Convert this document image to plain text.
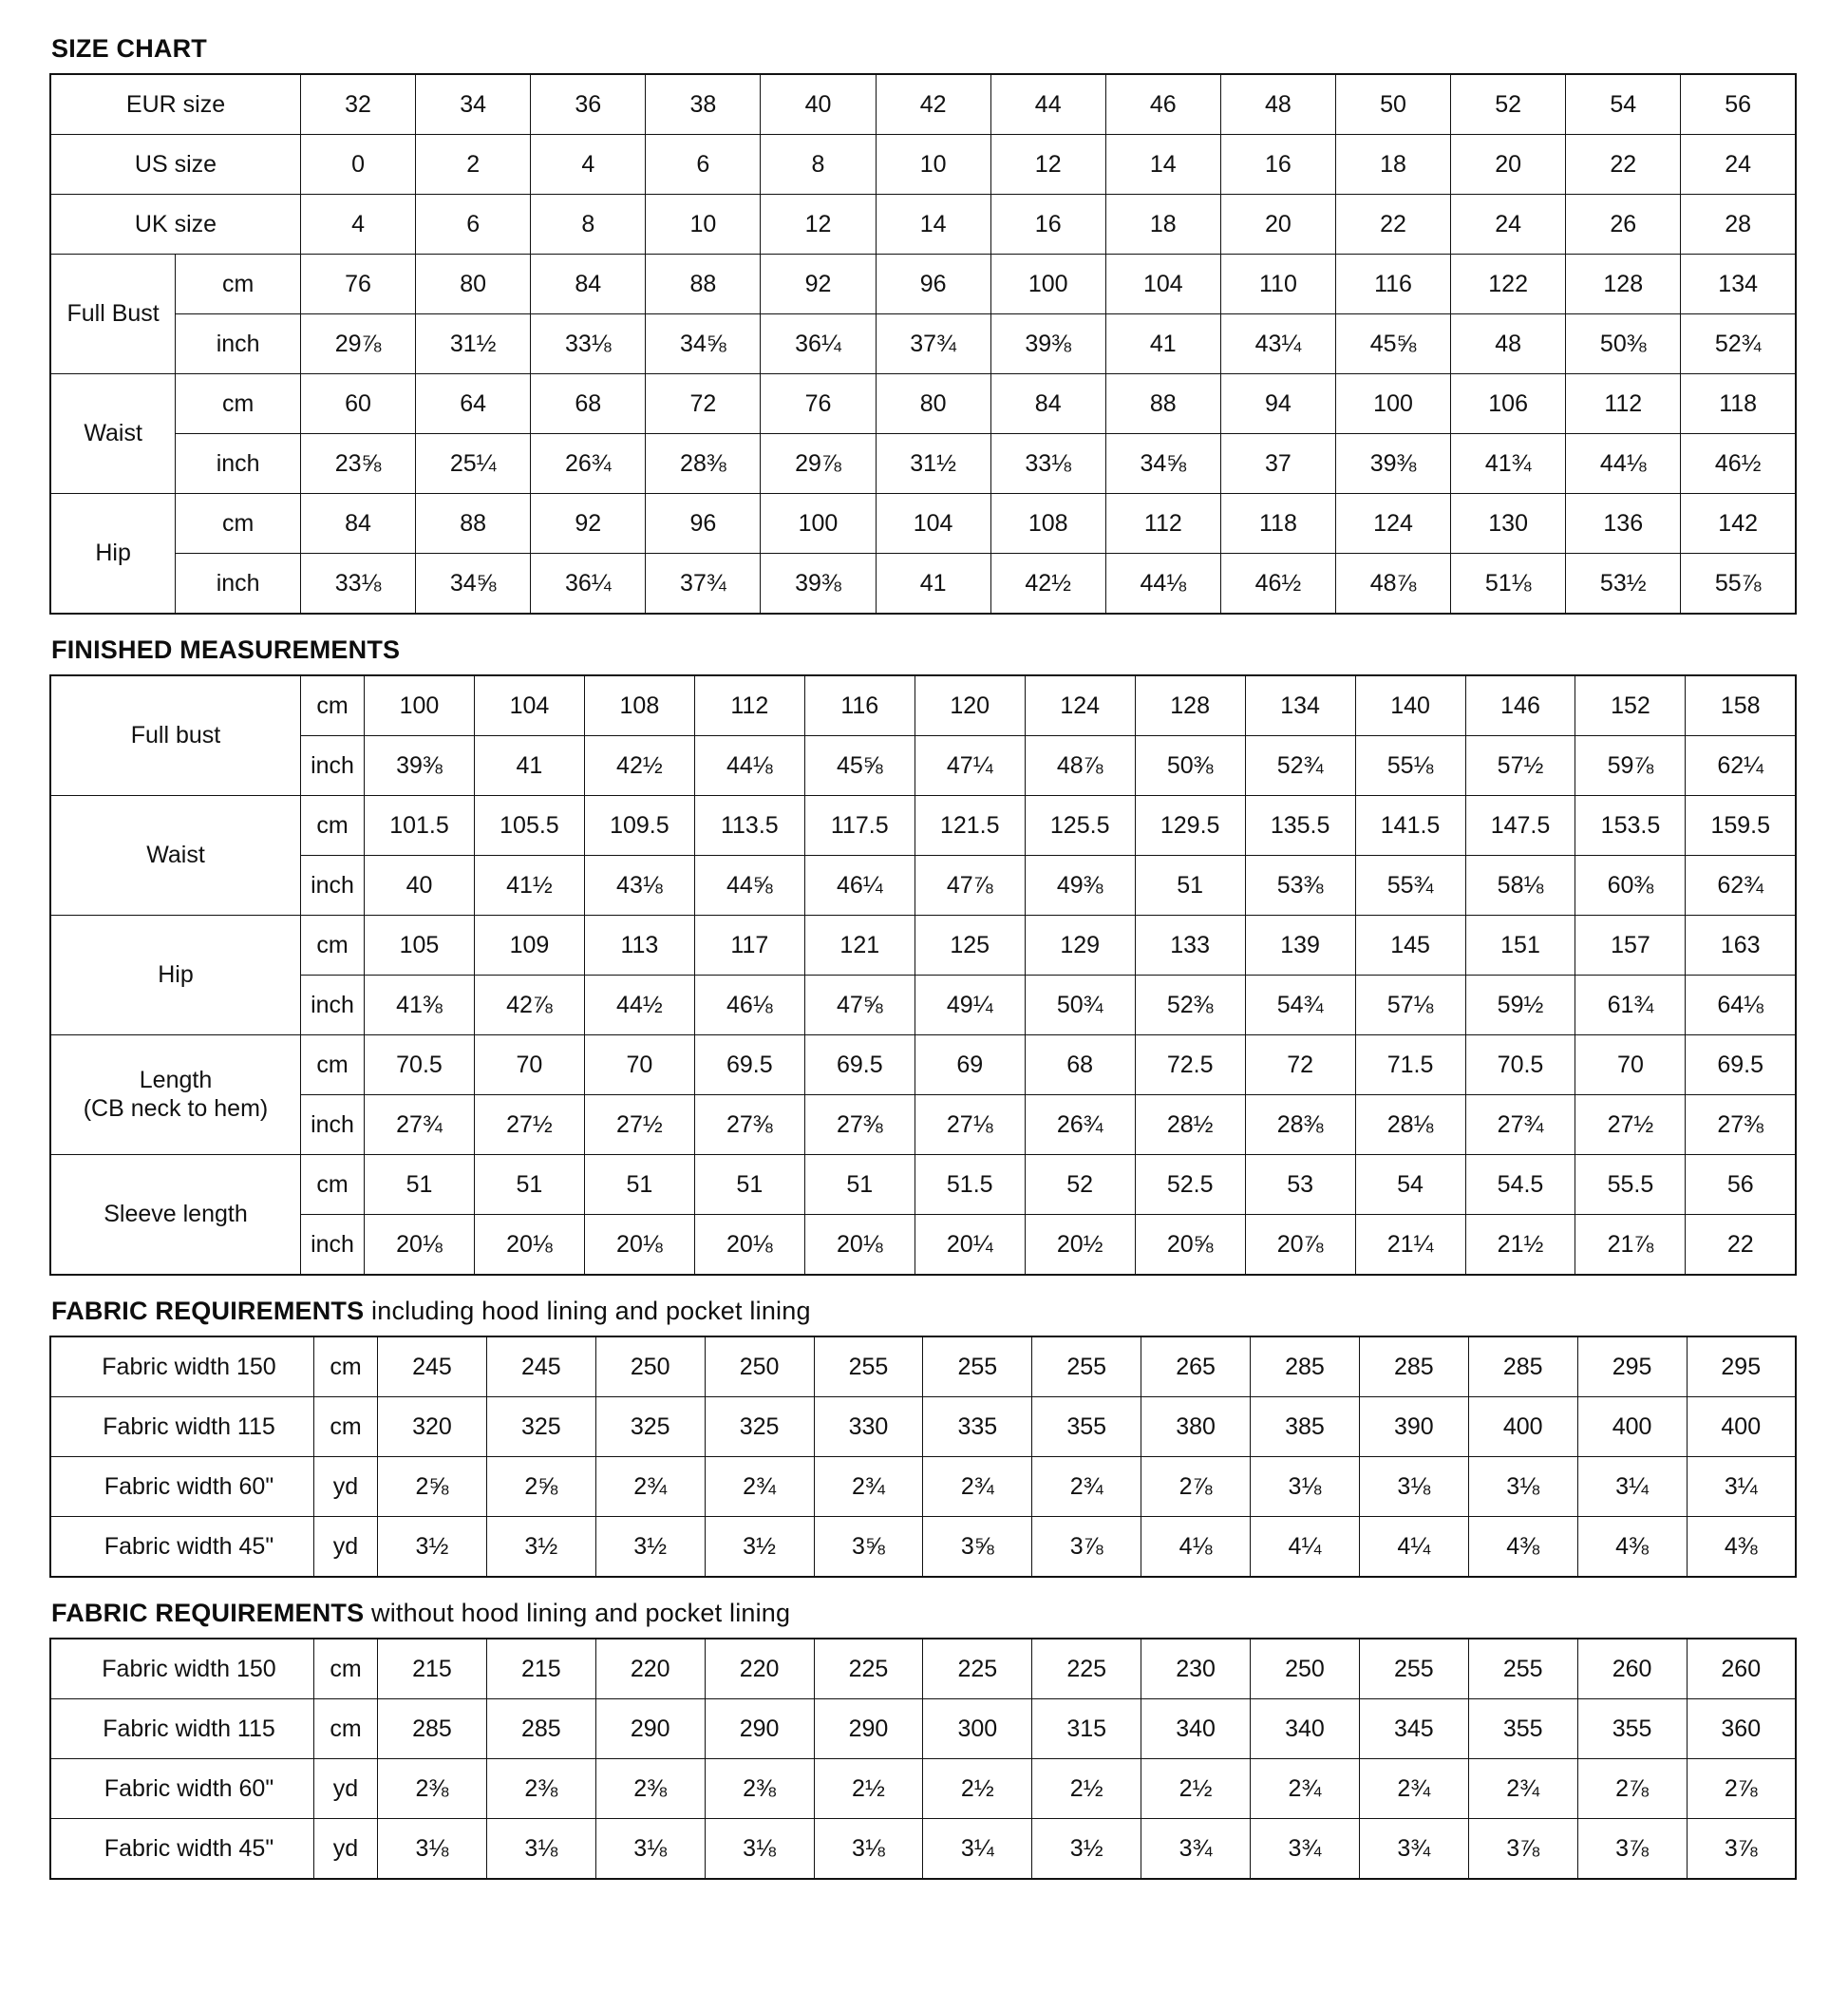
SIZE CHART
EUR size		32	34	36	38	40	42	44	46	48	50	52	54	56
US size		0	2	4	6	8	10	12	14	16	18	20	22	24
UK size		4	6	8	10	12	14	16	18	20	22	24	26	28
Full Bust	cm	76	80	84	88	92	96	100	104	110	116	122	128	134
	inch	29⅞	31½	33⅛	34⅝	36¼	37¾	39⅜	41	43¼	45⅝	48	50⅜	52¾
Waist	cm	60	64	68	72	76	80	84	88	94	100	106	112	118
	inch	23⅝	25¼	26¾	28⅜	29⅞	31½	33⅛	34⅝	37	39⅜	41¾	44⅛	46½
Hip	cm	84	88	92	96	100	104	108	112	118	124	130	136	142
	inch	33⅛	34⅝	36¼	37¾	39⅜	41	42½	44⅛	46½	48⅞	51⅛	53½	55⅞
FINISHED MEASUREMENTS
Full bust	cm	100	104	108	112	116	120	124	128	134	140	146	152	158
	inch	39⅜	41	42½	44⅛	45⅝	47¼	48⅞	50⅜	52¾	55⅛	57½	59⅞	62¼
Waist	cm	101.5	105.5	109.5	113.5	117.5	121.5	125.5	129.5	135.5	141.5	147.5	153.5	159.5
	inch	40	41½	43⅛	44⅝	46¼	47⅞	49⅜	51	53⅜	55¾	58⅛	60⅜	62¾
Hip	cm	105	109	113	117	121	125	129	133	139	145	151	157	163
	inch	41⅜	42⅞	44½	46⅛	47⅝	49¼	50¾	52⅜	54¾	57⅛	59½	61¾	64⅛
Length
(CB neck to hem)	cm	70.5	70	70	69.5	69.5	69	68	72.5	72	71.5	70.5	70	69.5
	inch	27¾	27½	27½	27⅜	27⅜	27⅛	26¾	28½	28⅜	28⅛	27¾	27½	27⅜
Sleeve length	cm	51	51	51	51	51	51.5	52	52.5	53	54	54.5	55.5	56
	inch	20⅛	20⅛	20⅛	20⅛	20⅛	20¼	20½	20⅝	20⅞	21¼	21½	21⅞	22
FABRIC REQUIREMENTS including hood lining and pocket lining
Fabric width 150	cm	245	245	250	250	255	255	255	265	285	285	285	295	295
Fabric width 115	cm	320	325	325	325	330	335	355	380	385	390	400	400	400
Fabric width 60"	yd	2⅝	2⅝	2¾	2¾	2¾	2¾	2¾	2⅞	3⅛	3⅛	3⅛	3¼	3¼
Fabric width 45"	yd	3½	3½	3½	3½	3⅝	3⅝	3⅞	4⅛	4¼	4¼	4⅜	4⅜	4⅜
FABRIC REQUIREMENTS without hood lining and pocket lining
Fabric width 150	cm	215	215	220	220	225	225	225	230	250	255	255	260	260
Fabric width 115	cm	285	285	290	290	290	300	315	340	340	345	355	355	360
Fabric width 60"	yd	2⅜	2⅜	2⅜	2⅜	2½	2½	2½	2½	2¾	2¾	2¾	2⅞	2⅞
Fabric width 45"	yd	3⅛	3⅛	3⅛	3⅛	3⅛	3¼	3½	3¾	3¾	3¾	3⅞	3⅞	3⅞
